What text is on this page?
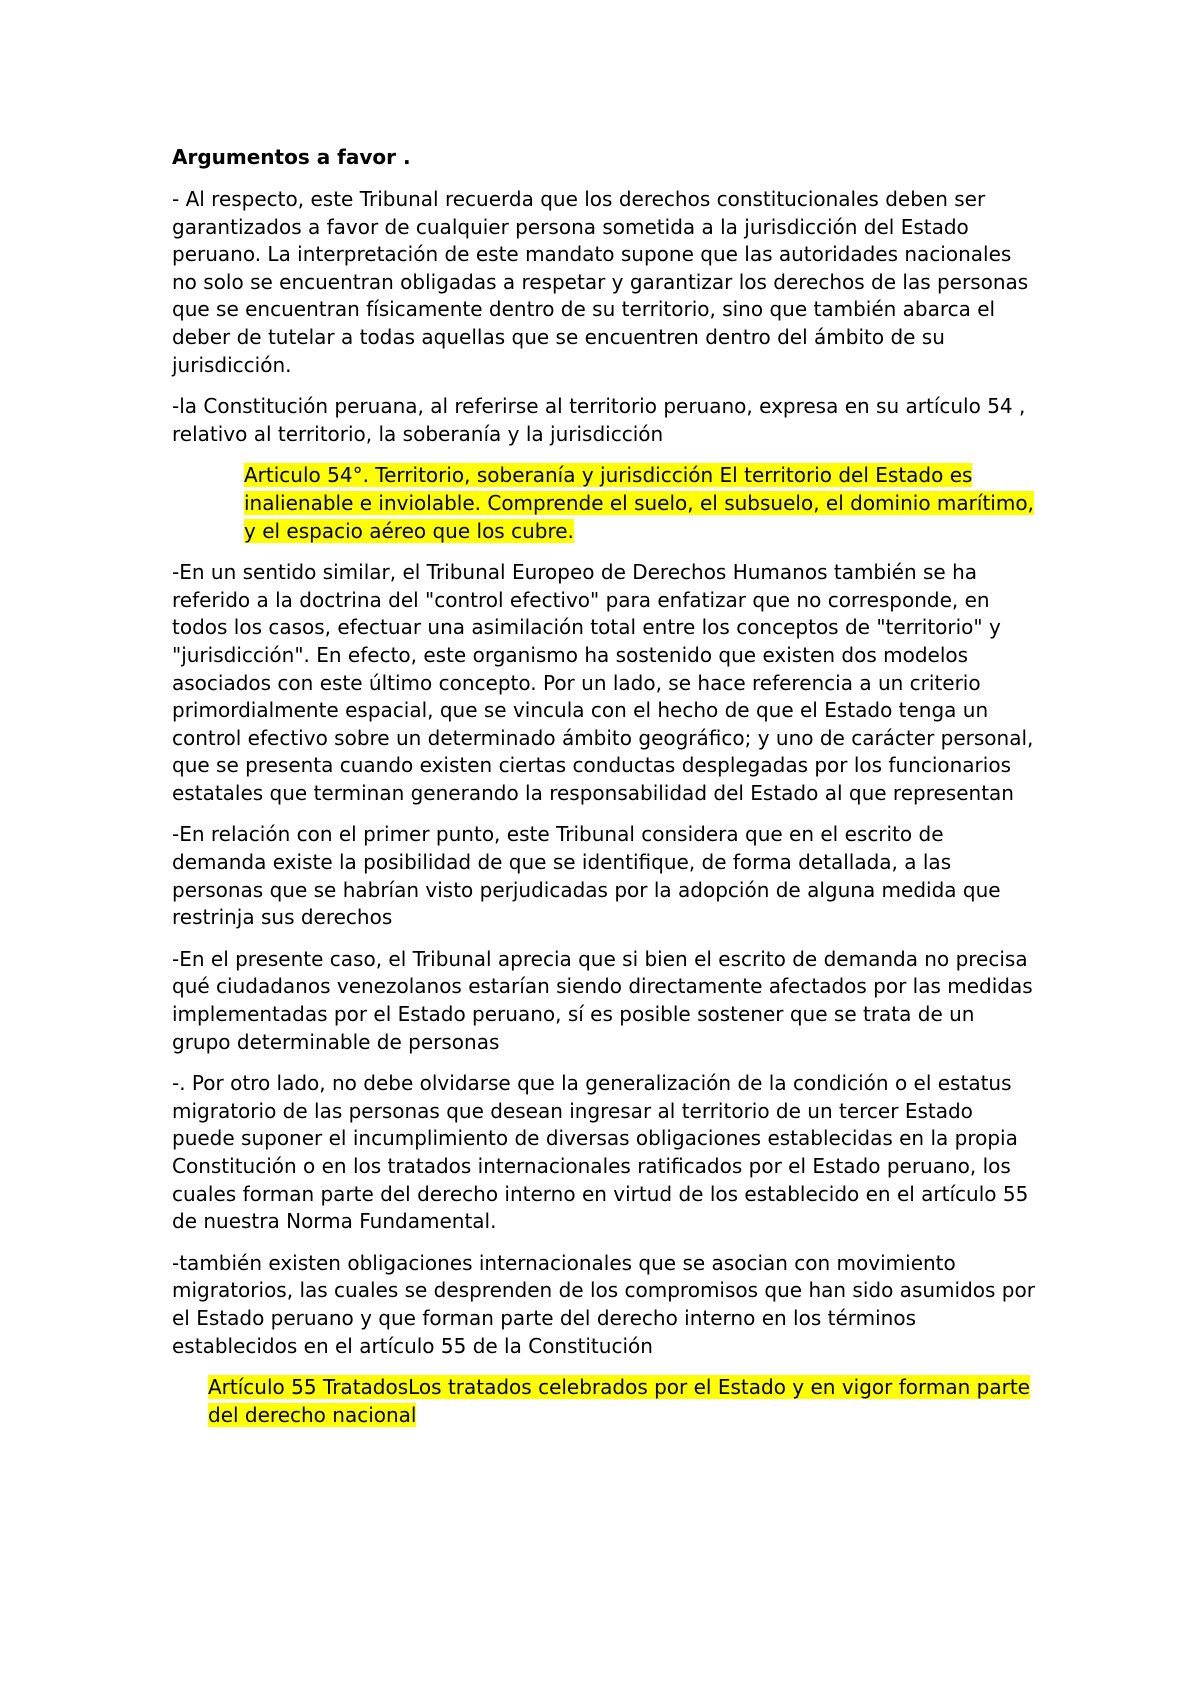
Argumentos a favor .

- Al respecto, este Tribunal recuerda que los derechos constitucionales deben ser garantizados a favor de cualquier persona sometida a la jurisdicción del Estado peruano. La interpretación de este mandato supone que las autoridades nacionales no solo se encuentran obligadas a respetar y garantizar los derechos de las personas que se encuentran físicamente dentro de su territorio, sino que también abarca el deber de tutelar a todas aquellas que se encuentren dentro del ámbito de su jurisdicción.

-la Constitución peruana, al referirse al territorio peruano, expresa en su artículo 54 , relativo al territorio, la soberanía y la jurisdicción

Articulo 54°. Territorio, soberanía y jurisdicción El territorio del Estado es inalienable e inviolable. Comprende el suelo, el subsuelo, el dominio marítimo, y el espacio aéreo que los cubre.

-En un sentido similar, el Tribunal Europeo de Derechos Humanos también se ha referido a la doctrina del "control efectivo" para enfatizar que no corresponde, en todos los casos, efectuar una asimilación total entre los conceptos de "territorio" y "jurisdicción". En efecto, este organismo ha sostenido que existen dos modelos asociados con este último concepto. Por un lado, se hace referencia a un criterio primordialmente espacial, que se vincula con el hecho de que el Estado tenga un control efectivo sobre un determinado ámbito geográfico; y uno de carácter personal, que se presenta cuando existen ciertas conductas desplegadas por los funcionarios estatales que terminan generando la responsabilidad del Estado al que representan

-En relación con el primer punto, este Tribunal considera que en el escrito de demanda existe la posibilidad de que se identifique, de forma detallada, a las personas que se habrían visto perjudicadas por la adopción de alguna medida que restrinja sus derechos

-En el presente caso, el Tribunal aprecia que si bien el escrito de demanda no precisa qué ciudadanos venezolanos estarían siendo directamente afectados por las medidas implementadas por el Estado peruano, sí es posible sostener que se trata de un grupo determinable de personas

-. Por otro lado, no debe olvidarse que la generalización de la condición o el estatus migratorio de las personas que desean ingresar al territorio de un tercer Estado puede suponer el incumplimiento de diversas obligaciones establecidas en la propia Constitución o en los tratados internacionales ratificados por el Estado peruano, los cuales forman parte del derecho interno en virtud de los establecido en el artículo 55 de nuestra Norma Fundamental.

-también existen obligaciones internacionales que se asocian con movimiento migratorios, las cuales se desprenden de los compromisos que han sido asumidos por el Estado peruano y que forman parte del derecho interno en los términos establecidos en el artículo 55 de la Constitución

Artículo 55 TratadosLos tratados celebrados por el Estado y en vigor forman parte del derecho nacional
